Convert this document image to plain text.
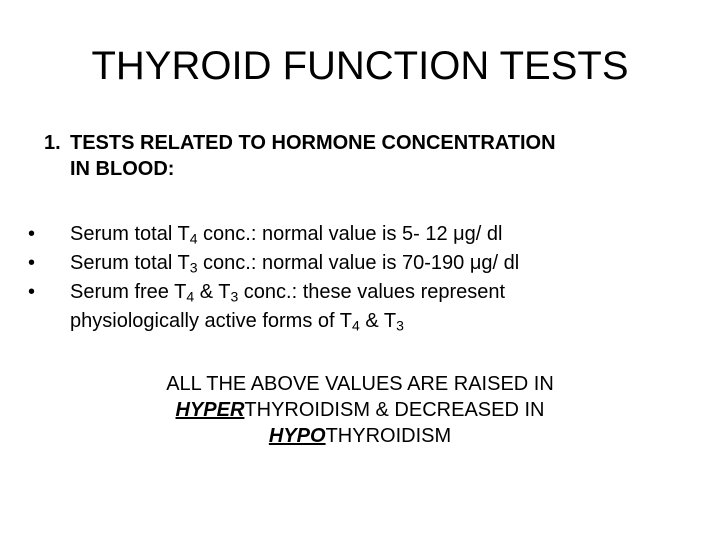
THYROID FUNCTION TESTS
1. TESTS RELATED TO HORMONE CONCENTRATION
IN BLOOD:
• Serum total $T_4$ conc.: normal value is 5- 12 μg/ dl
• Serum total $T_3$ conc.: normal value is 70-190 μg/ dl
• Serum free $T_4$ & $T_3$ conc.: these values represent
physiologically active forms of $T_4$ & $T_3$
ALL THE ABOVE VALUES ARE RAISED IN
HYPERTHYROIDISM & DECREASED IN
HYPOTHYROIDISM
